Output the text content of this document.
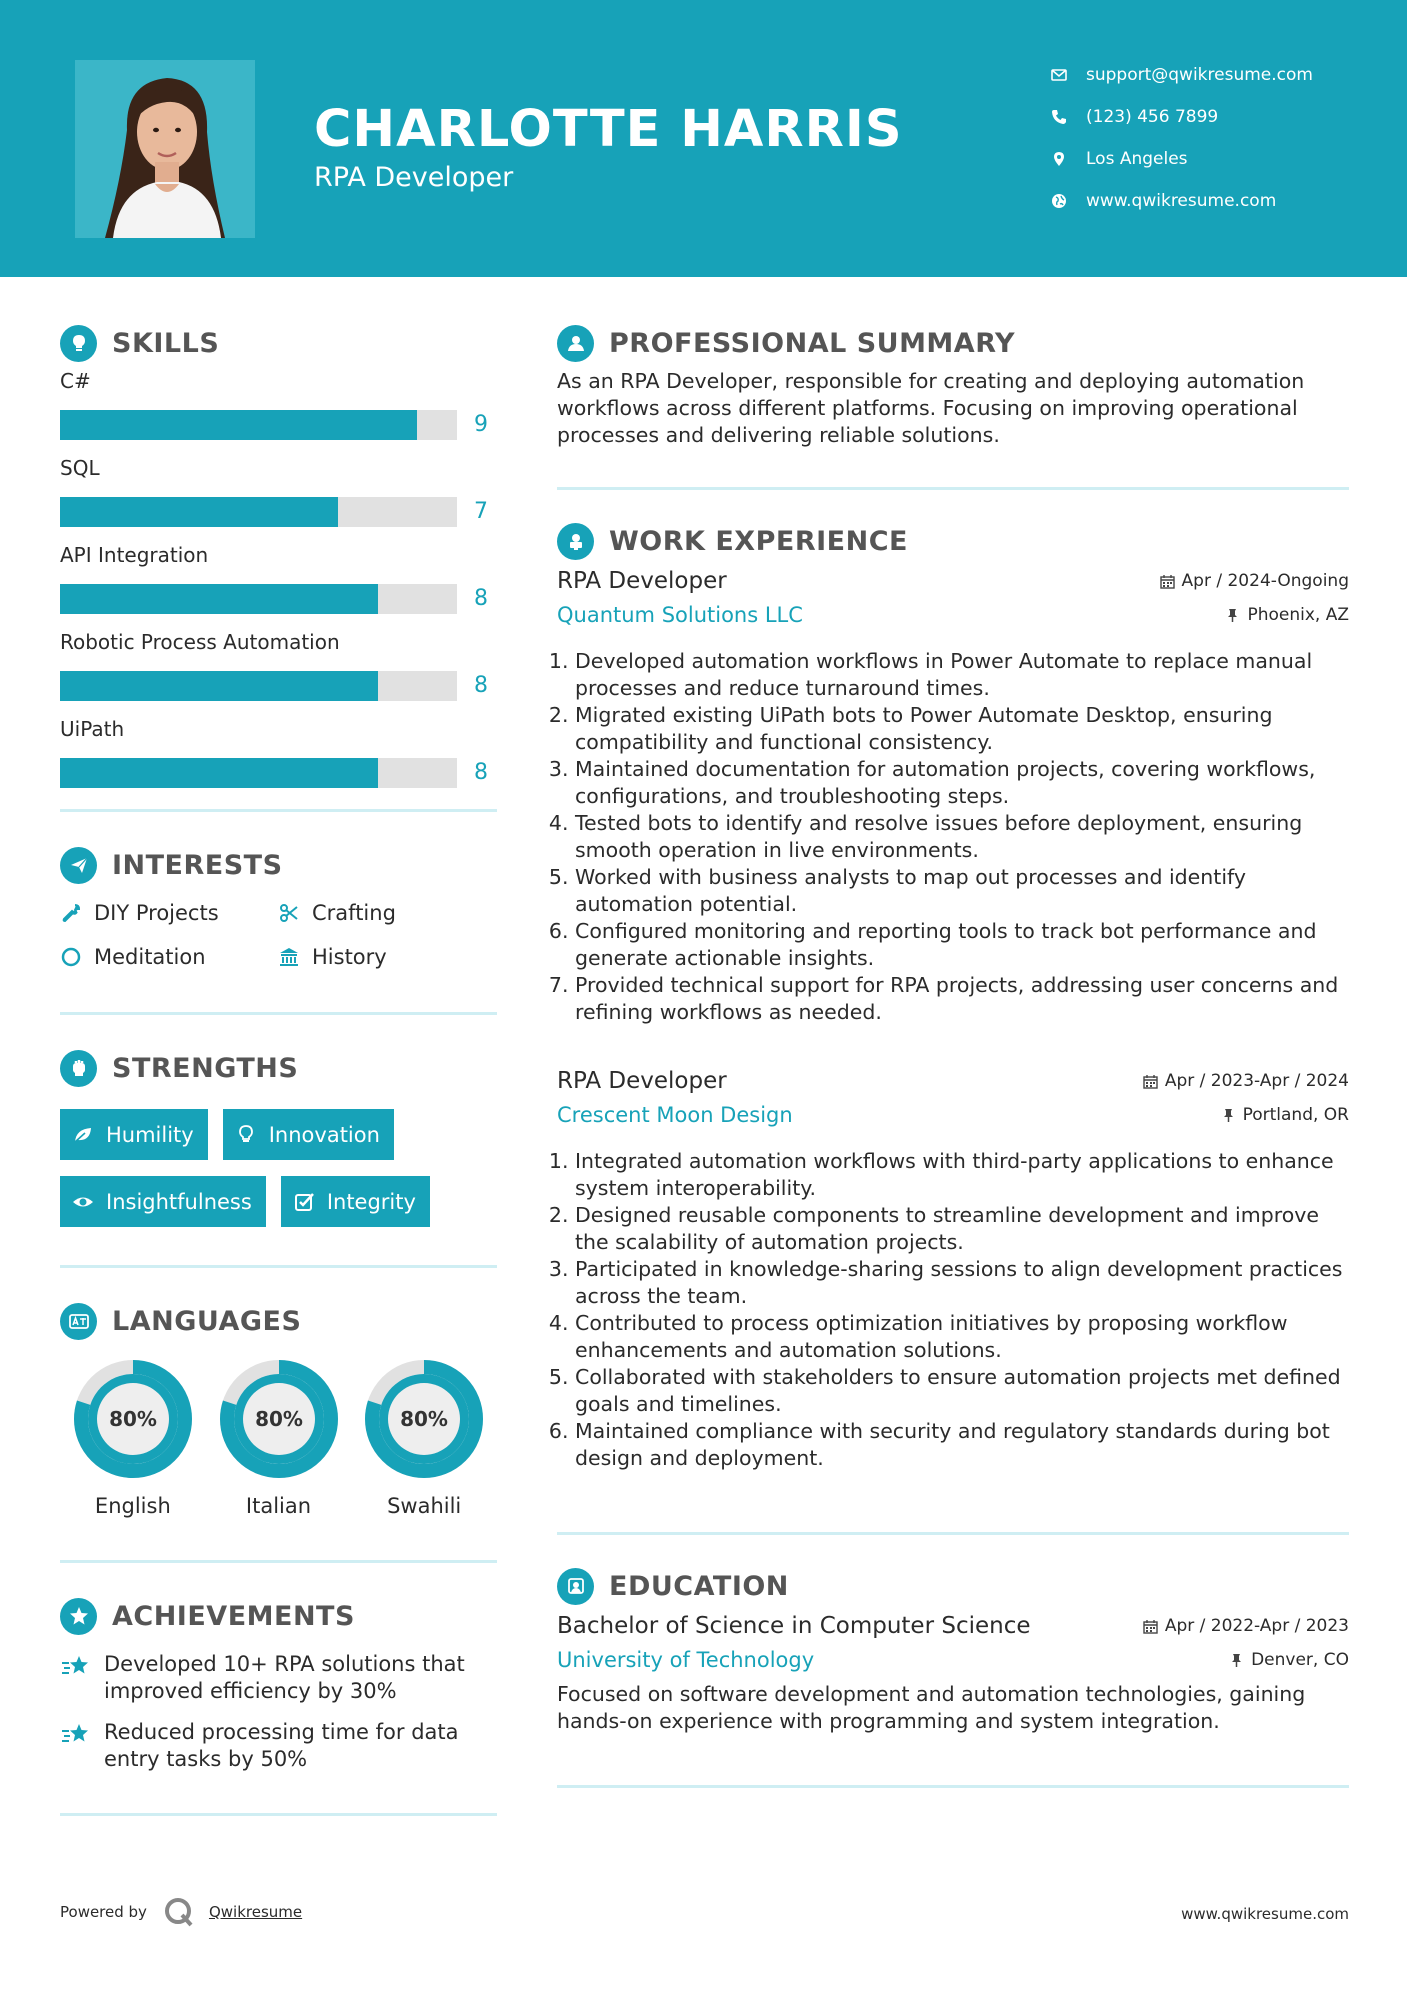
CHARLOTTE HARRIS
RPA Developer
support@qwikresume.com
(123) 456 7899
Los Angeles
www.qwikresume.com
SKILLS
C#
9
SQL
7
API Integration
8
Robotic Process Automation
8
UiPath
8
INTERESTS
DIY Projects	Crafting
Meditation	History
STRENGTHS
Humility	Innovation
Insightfulness	Integrity
LANGUAGES
80%
English
80%
Italian
80%
Swahili
ACHIEVEMENTS
Developed 10+ RPA solutions that improved efficiency by 30%
Reduced processing time for data entry tasks by 50%
PROFESSIONAL SUMMARY
As an RPA Developer, responsible for creating and deploying automation workflows across different platforms. Focusing on improving operational processes and delivering reliable solutions.
WORK EXPERIENCE
RPA Developer	Apr / 2024-Ongoing
Quantum Solutions LLC	Phoenix, AZ
1. Developed automation workflows in Power Automate to replace manual processes and reduce turnaround times.
2. Migrated existing UiPath bots to Power Automate Desktop, ensuring compatibility and functional consistency.
3. Maintained documentation for automation projects, covering workflows, configurations, and troubleshooting steps.
4. Tested bots to identify and resolve issues before deployment, ensuring smooth operation in live environments.
5. Worked with business analysts to map out processes and identify automation potential.
6. Configured monitoring and reporting tools to track bot performance and generate actionable insights.
7. Provided technical support for RPA projects, addressing user concerns and refining workflows as needed.
RPA Developer	Apr / 2023-Apr / 2024
Crescent Moon Design	Portland, OR
1. Integrated automation workflows with third-party applications to enhance system interoperability.
2. Designed reusable components to streamline development and improve the scalability of automation projects.
3. Participated in knowledge-sharing sessions to align development practices across the team.
4. Contributed to process optimization initiatives by proposing workflow enhancements and automation solutions.
5. Collaborated with stakeholders to ensure automation projects met defined goals and timelines.
6. Maintained compliance with security and regulatory standards during bot design and deployment.
EDUCATION
Bachelor of Science in Computer Science	Apr / 2022-Apr / 2023
University of Technology	Denver, CO
Focused on software development and automation technologies, gaining hands-on experience with programming and system integration.
Powered by	Qwikresume	www.qwikresume.com
